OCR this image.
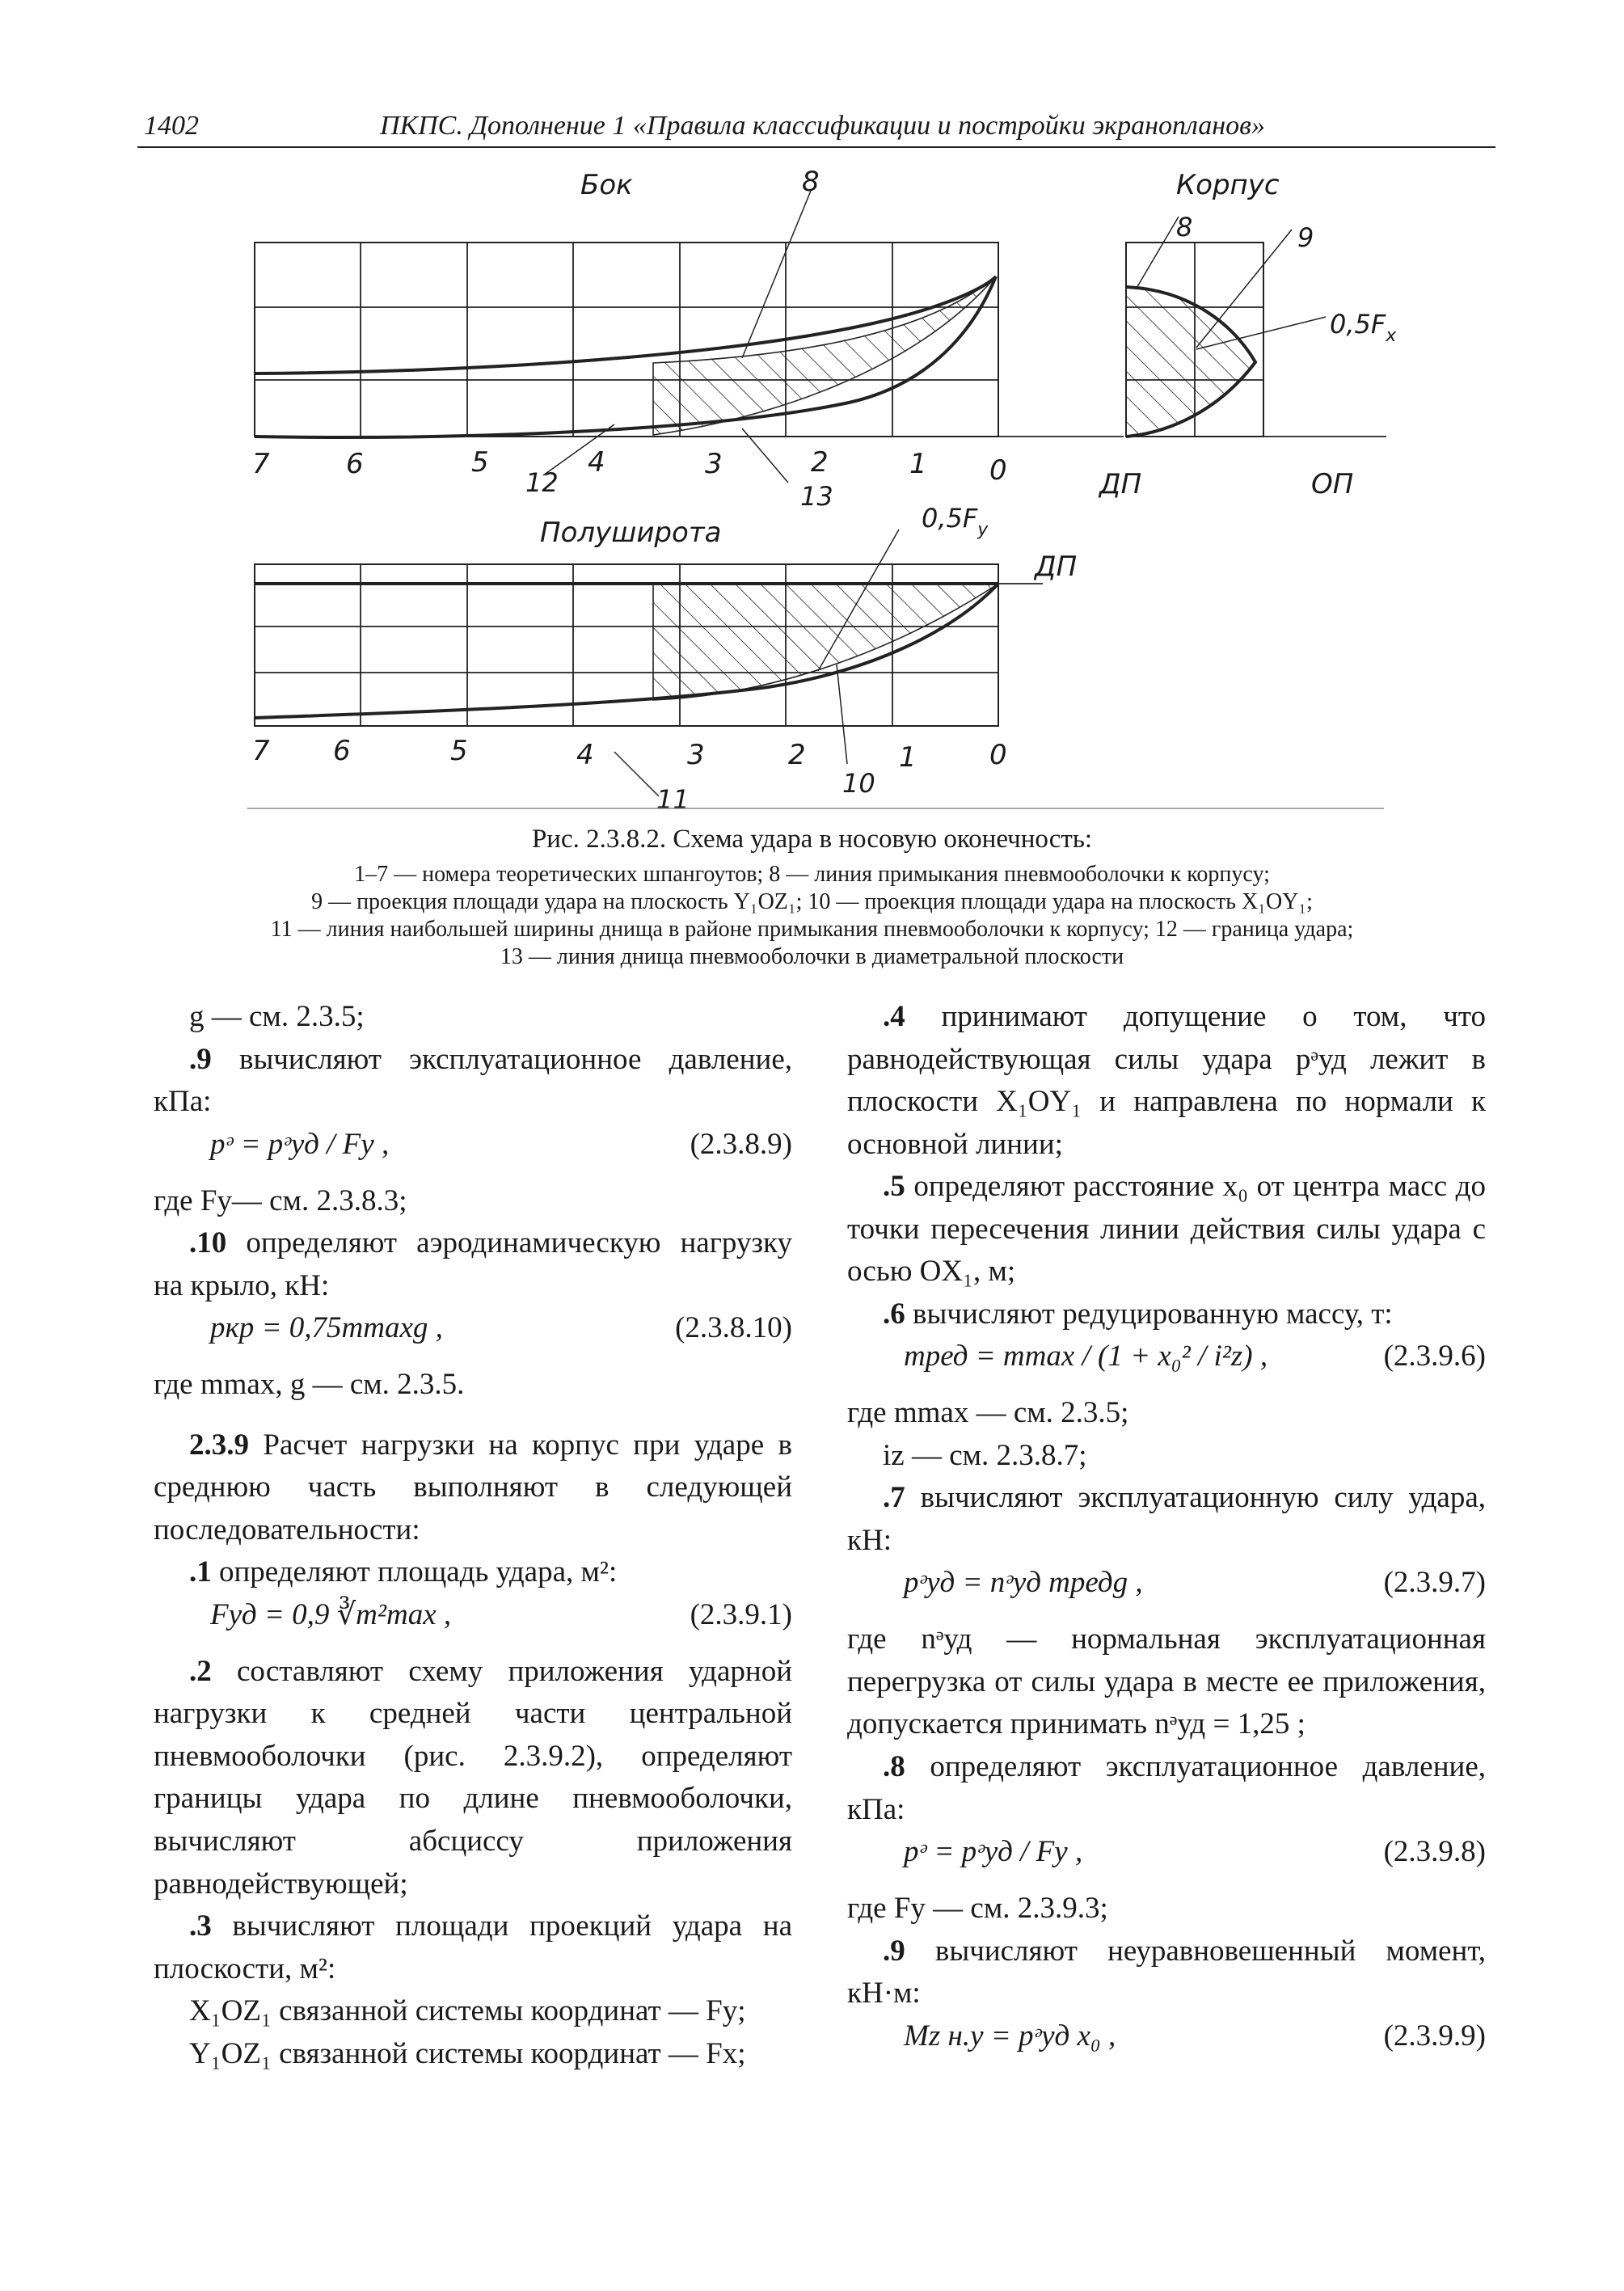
1402	ПКПС. Дополнение 1 «Правила классификации и постройки экранопланов»
Бок	8
12	13
7	6	5	4	3	2	1 0
Корпус
8	9
$0,5F_x$
ДП	ОП
Полуширота	$0,5F_y$
ДП
7 6	5	4	3	2	1	0
11
10
Рис. 2.3.8.2. Схема удара в носовую оконечность:
1–7 — номера теоретических шпангоутов; 8 — линия примыкания пневмооболочки к корпусу;
9 — проекция площади удара на плоскость Y₁OZ₁; 10 — проекция площади удара на плоскость X₁OY₁;
11 — линия наибольшей ширины днища в районе примыкания пневмооболочки к корпусу; 12 — граница удара;
13 — линия днища пневмооболочки в диаметральной плоскости

g — см. 2.3.5;

.9 вычисляют эксплуатационное давление, кПа:

pᵊ = pᵊуд / Fy ,	(2.3.8.9)

где Fy— см. 2.3.8.3;

.10 определяют аэродинамическую нагрузку на крыло, кН:

pкр = 0,75mmaxg ,	(2.3.8.10)

где mmax, g — см. 2.3.5.

2.3.9 Расчет нагрузки на корпус при ударе в среднюю часть выполняют в следующей последовательности:

.1 определяют площадь удара, м²:

Fуд = 0,9 ∛m²max ,	(2.3.9.1)

.2 составляют схему приложения ударной нагрузки к средней части центральной пневмооболочки (рис. 2.3.9.2), определяют границы удара по длине пневмооболочки, вычисляют абсциссу приложения равнодействующей;

.3 вычисляют площади проекций удара на плоскости, м²:

X₁OZ₁ связанной системы координат — Fy;

Y₁OZ₁ связанной системы координат — Fx;

.4 принимают допущение о том, что равнодействующая силы удара pᵊуд лежит в плоскости X₁OY₁ и направлена по нормали к основной линии;

.5 определяют расстояние x₀ от центра масс до точки пересечения линии действия силы удара с осью OX₁, м;

.6 вычисляют редуцированную массу, т:

mред = mmax / (1 + x₀² / i²z) ,	(2.3.9.6)

где mmax — см. 2.3.5;

iz — см. 2.3.8.7;

.7 вычисляют эксплуатационную силу удара, кН:

pᵊуд = nᵊуд mредg ,	(2.3.9.7)

где nᵊуд — нормальная эксплуатационная перегрузка от силы удара в месте ее приложения, допускается принимать nᵊуд = 1,25 ;

.8 определяют эксплуатационное давление, кПа:

pᵊ = pᵊуд / Fy ,	(2.3.9.8)

где Fy — см. 2.3.9.3;

.9 вычисляют неуравновешенный момент, кН·м:

Mz н.у = pᵊуд x₀ ,	(2.3.9.9)
